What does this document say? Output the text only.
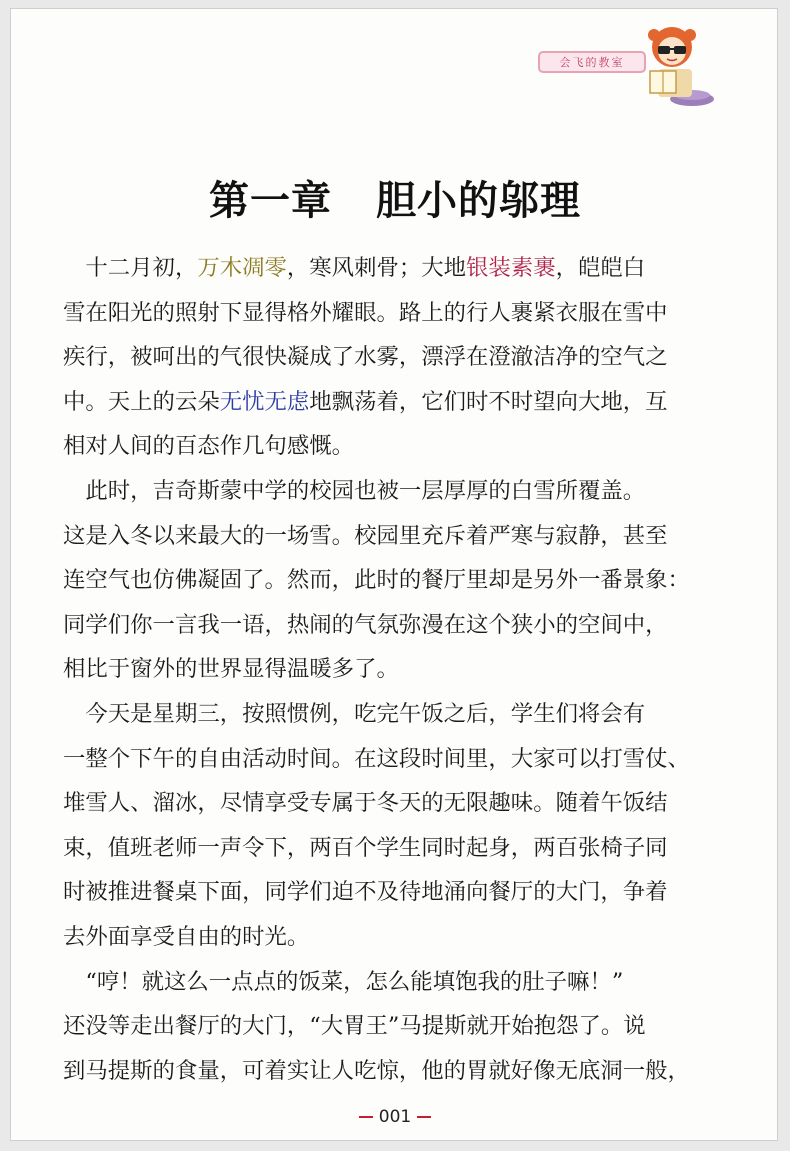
会飞的教室
第一章 胆小的邬理

　十二月初，万木凋零，寒风刺骨；大地银装素裹，皑皑白
雪在阳光的照射下显得格外耀眼。路上的行人裹紧衣服在雪中
疾行，被呵出的气很快凝成了水雾，漂浮在澄澈洁净的空气之
中。天上的云朵无忧无虑地飘荡着，它们时不时望向大地，互
相对人间的百态作几句感慨。

　此时，吉奇斯蒙中学的校园也被一层厚厚的白雪所覆盖。
这是入冬以来最大的一场雪。校园里充斥着严寒与寂静，甚至
连空气也仿佛凝固了。然而，此时的餐厅里却是另外一番景象：
同学们你一言我一语，热闹的气氛弥漫在这个狭小的空间中，
相比于窗外的世界显得温暖多了。

　今天是星期三，按照惯例，吃完午饭之后，学生们将会有
一整个下午的自由活动时间。在这段时间里，大家可以打雪仗、
堆雪人、溜冰，尽情享受专属于冬天的无限趣味。随着午饭结
束，值班老师一声令下，两百个学生同时起身，两百张椅子同
时被推进餐桌下面，同学们迫不及待地涌向餐厅的大门，争着
去外面享受自由的时光。

　“哼！就这么一点点的饭菜，怎么能填饱我的肚子嘛！”
还没等走出餐厅的大门，“大胃王”马提斯就开始抱怨了。说
到马提斯的食量，可着实让人吃惊，他的胃就好像无底洞一般，

001
